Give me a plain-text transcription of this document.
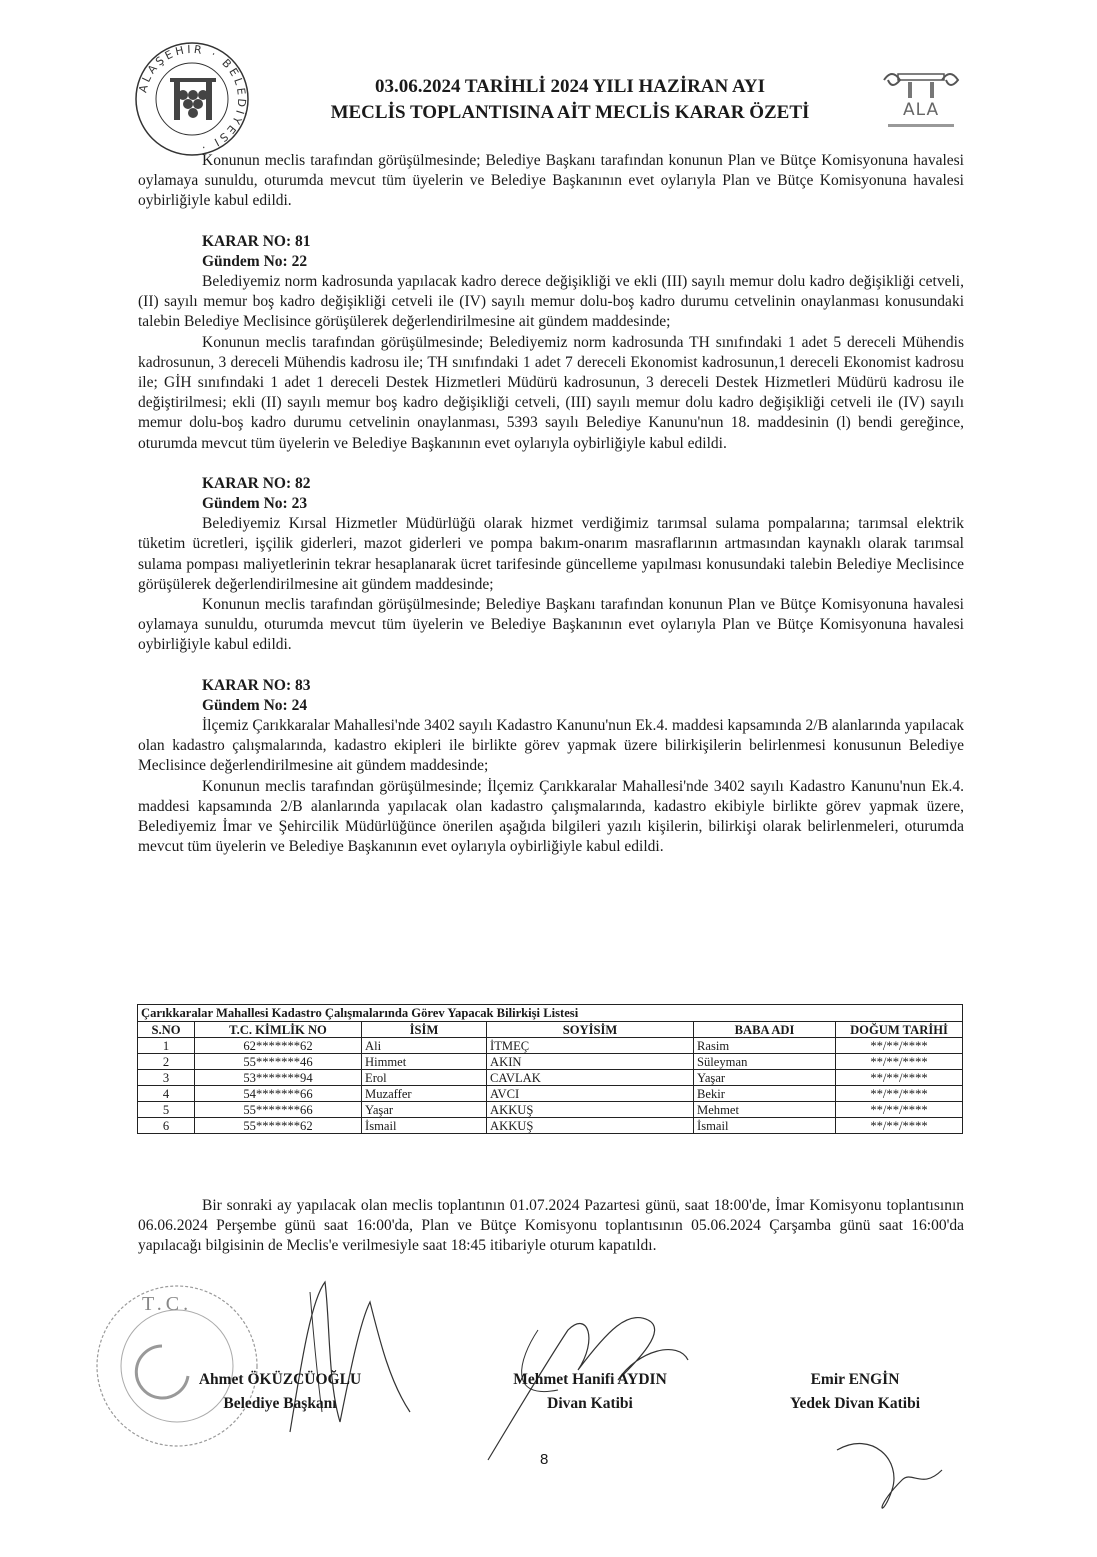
ALAŞEHİR · BELEDİYESİ ·
ALA
03.06.2024 TARİHLİ 2024 YILI HAZİRAN AYI
MECLİS TOPLANTISINA AİT MECLİS KARAR ÖZETİ

Konunun meclis tarafından görüşülmesinde; Belediye Başkanı tarafından konunun Plan ve Bütçe Komisyonuna havalesi oylamaya sunuldu, oturumda mevcut tüm üyelerin ve Belediye Başkanının evet oylarıyla Plan ve Bütçe Komisyonuna havalesi oybirliğiyle kabul edildi.

KARAR NO: 81
Gündem No: 22

Belediyemiz norm kadrosunda yapılacak kadro derece değişikliği ve ekli (III) sayılı memur dolu kadro değişikliği cetveli, (II) sayılı memur boş kadro değişikliği cetveli ile (IV) sayılı memur dolu-boş kadro durumu cetvelinin onaylanması konusundaki talebin Belediye Meclisince görüşülerek değerlendirilmesine ait gündem maddesinde;

Konunun meclis tarafından görüşülmesinde; Belediyemiz norm kadrosunda TH sınıfındaki 1 adet 5 dereceli Mühendis kadrosunun, 3 dereceli Mühendis kadrosu ile; TH sınıfındaki 1 adet 7 dereceli Ekonomist kadrosunun,1 dereceli Ekonomist kadrosu ile; GİH sınıfındaki 1 adet 1 dereceli Destek Hizmetleri Müdürü kadrosunun, 3 dereceli Destek Hizmetleri Müdürü kadrosu ile değiştirilmesi; ekli (II) sayılı memur boş kadro değişikliği cetveli, (III) sayılı memur dolu kadro değişikliği cetveli ile (IV) sayılı memur dolu-boş kadro durumu cetvelinin onaylanması, 5393 sayılı Belediye Kanunu'nun 18. maddesinin (l) bendi gereğince, oturumda mevcut tüm üyelerin ve Belediye Başkanının evet oylarıyla oybirliğiyle kabul edildi.

KARAR NO: 82
Gündem No: 23

Belediyemiz Kırsal Hizmetler Müdürlüğü olarak hizmet verdiğimiz tarımsal sulama pompalarına; tarımsal elektrik tüketim ücretleri, işçilik giderleri, mazot giderleri ve pompa bakım-onarım masraflarının artmasından kaynaklı olarak tarımsal sulama pompası maliyetlerinin tekrar hesaplanarak ücret tarifesinde güncelleme yapılması konusundaki talebin Belediye Meclisince görüşülerek değerlendirilmesine ait gündem maddesinde;

Konunun meclis tarafından görüşülmesinde; Belediye Başkanı tarafından konunun Plan ve Bütçe Komisyonuna havalesi oylamaya sunuldu, oturumda mevcut tüm üyelerin ve Belediye Başkanının evet oylarıyla Plan ve Bütçe Komisyonuna havalesi oybirliğiyle kabul edildi.

KARAR NO: 83
Gündem No: 24

İlçemiz Çarıkkaralar Mahallesi'nde 3402 sayılı Kadastro Kanunu'nun Ek.4. maddesi kapsamında 2/B alanlarında yapılacak olan kadastro çalışmalarında, kadastro ekipleri ile birlikte görev yapmak üzere bilirkişilerin belirlenmesi konusunun Belediye Meclisince değerlendirilmesine ait gündem maddesinde;

Konunun meclis tarafından görüşülmesinde; İlçemiz Çarıkkaralar Mahallesi'nde 3402 sayılı Kadastro Kanunu'nun Ek.4. maddesi kapsamında 2/B alanlarında yapılacak olan kadastro çalışmalarında, kadastro ekibiyle birlikte görev yapmak üzere, Belediyemiz İmar ve Şehircilik Müdürlüğünce önerilen aşağıda bilgileri yazılı kişilerin, bilirkişi olarak belirlenmeleri, oturumda mevcut tüm üyelerin ve Belediye Başkanının evet oylarıyla oybirliğiyle kabul edildi.

Çarıkkaralar Mahallesi Kadastro Çalışmalarında Görev Yapacak Bilirkişi Listesi
S.NO	T.C. KİMLİK NO	İSİM	SOYİSİM	BABA ADI	DOĞUM TARİHİ
1	62*******62	Ali	İTMEÇ	Rasim	**/**/****
2	55*******46	Himmet	AKIN	Süleyman	**/**/****
3	53*******94	Erol	CAVLAK	Yaşar	**/**/****
4	54*******66	Muzaffer	AVCI	Bekir	**/**/****
5	55*******66	Yaşar	AKKUŞ	Mehmet	**/**/****
6	55*******62	İsmail	AKKUŞ	İsmail	**/**/****

Bir sonraki ay yapılacak olan meclis toplantının 01.07.2024 Pazartesi günü, saat 18:00'de, İmar Komisyonu toplantısının 06.06.2024 Perşembe günü saat 16:00'da, Plan ve Bütçe Komisyonu toplantısının 05.06.2024 Çarşamba günü saat 16:00'da yapılacağı bilgisinin de Meclis'e verilmesiyle saat 18:45 itibariyle oturum kapatıldı.

T.C.
Ahmet ÖKÜZCÜOĞLU
Belediye Başkanı
Mehmet Hanifi AYDIN
Divan Katibi
Emir ENGİN
Yedek Divan Katibi
8
